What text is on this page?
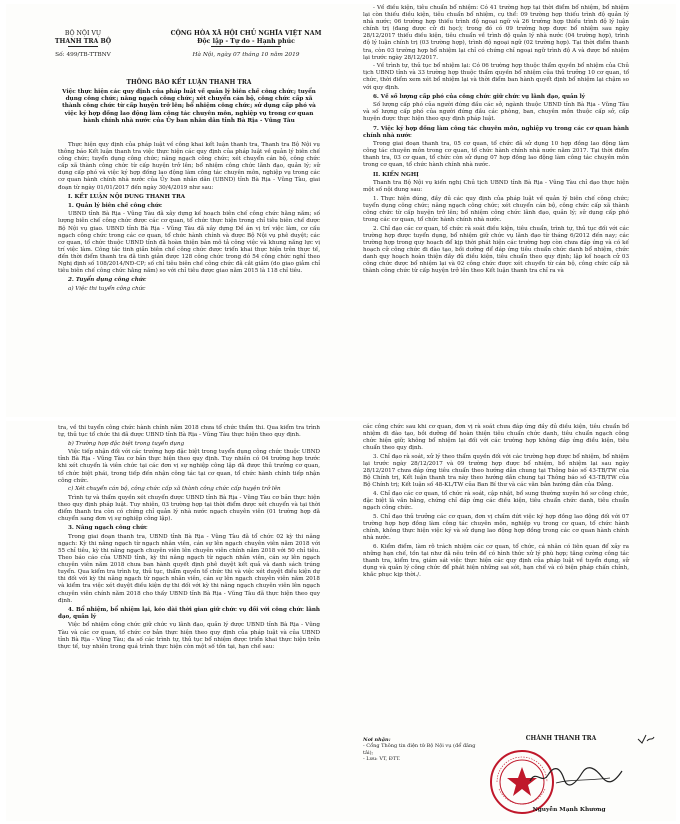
BỘ NỘI VỤ
THANH TRA BỘ
Số: 499/TB-TTBNV
CỘNG HÒA XÃ HỘI CHỦ NGHĨA VIỆT NAM
Độc lập - Tự do - Hạnh phúc
Hà Nội, ngày 07 tháng 10 năm 2019
THÔNG BÁO KẾT LUẬN THANH TRA
Việc thực hiện các quy định của pháp luật về quản lý biên chế công chức; tuyển dụng công chức; nâng ngạch công chức; xét chuyển cán bộ, công chức cấp xã thành công chức từ cấp huyện trở lên; bổ nhiệm công chức; sử dụng cấp phó và việc ký hợp đồng lao động làm công tác chuyên môn, nghiệp vụ trong cơ quan hành chính nhà nước của Ủy ban nhân dân tỉnh Bà Rịa - Vũng Tàu

Thực hiện quy định của pháp luật về công khai kết luận thanh tra, Thanh tra Bộ Nội vụ thông báo Kết luận thanh tra việc thực hiện các quy định của pháp luật về quản lý biên chế công chức; tuyển dụng công chức; nâng ngạch công chức; xét chuyển cán bộ, công chức cấp xã thành công chức từ cấp huyện trở lên; bổ nhiệm công chức lãnh đạo, quản lý; sử dụng cấp phó và việc ký hợp đồng lao động làm công tác chuyên môn, nghiệp vụ trong các cơ quan hành chính nhà nước của Ủy ban nhân dân (UBND) tỉnh Bà Rịa - Vũng Tàu, giai đoạn từ ngày 01/01/2017 đến ngày 30/4/2019 như sau:

I. KẾT LUẬN NỘI DUNG THANH TRA

1. Quản lý biên chế công chức

UBND tỉnh Bà Rịa - Vũng Tàu đã xây dựng kế hoạch biên chế công chức hằng năm; số lượng biên chế công chức được các cơ quan, tổ chức thực hiện trong chỉ tiêu biên chế được Bộ Nội vụ giao. UBND tỉnh Bà Rịa - Vũng Tàu đã xây dựng Đề án vị trí việc làm, cơ cấu ngạch công chức trong các cơ quan, tổ chức hành chính và được Bộ Nội vụ phê duyệt; các cơ quan, tổ chức thuộc UBND tỉnh đã hoàn thiện bản mô tả công việc và khung năng lực vị trí việc làm. Công tác tinh giản biên chế công chức được triển khai thực hiện trên thực tế, đến thời điểm thanh tra đã tinh giản được 128 công chức trong đó 54 công chức nghỉ theo Nghị định số 108/2014/NĐ-CP; số chỉ tiêu biên chế công chức đã cắt giảm (do giao giảm chỉ tiêu biên chế công chức hằng năm) so với chỉ tiêu được giao năm 2015 là 118 chỉ tiêu.

2. Tuyển dụng công chức

a) Việc thi tuyển công chức

- Về điều kiện, tiêu chuẩn bổ nhiệm: Có 41 trường hợp tại thời điểm bổ nhiệm, bổ nhiệm lại còn thiếu điều kiện, tiêu chuẩn bổ nhiệm, cụ thể: 09 trường hợp thiếu trình độ quản lý nhà nước; 06 trường hợp thiếu trình độ ngoại ngữ và 26 trường hợp thiếu trình độ lý luận chính trị (đang được cử đi học); trong đó có 09 trường hợp được bổ nhiệm sau ngày 28/12/2017 thiếu điều kiện, tiêu chuẩn về trình độ quản lý nhà nước (04 trường hợp), trình độ lý luận chính trị (03 trường hợp), trình độ ngoại ngữ (02 trường hợp). Tại thời điểm thanh tra, còn 03 trường hợp bổ nhiệm lại chỉ có chứng chỉ ngoại ngữ trình độ A và được bổ nhiệm lại trước ngày 28/12/2017.

- Về trình tự, thủ tục bổ nhiệm lại: Có 06 trường hợp thuộc thẩm quyền bổ nhiệm của Chủ tịch UBND tỉnh và 33 trường hợp thuộc thẩm quyền bổ nhiệm của thủ trưởng 10 cơ quan, tổ chức, thời điểm xem xét bổ nhiệm lại và thời điểm ban hành quyết định bổ nhiệm lại chậm so với quy định.

6. Về số lượng cấp phó của công chức giữ chức vụ lãnh đạo, quản lý

Số lượng cấp phó của người đứng đầu các sở, ngành thuộc UBND tỉnh Bà Rịa - Vũng Tàu và số lượng cấp phó của người đứng đầu các phòng, ban, chuyên môn thuộc cấp sở, cấp huyện được thực hiện theo quy định pháp luật.

7. Việc ký hợp đồng làm công tác chuyên môn, nghiệp vụ trong các cơ quan hành chính nhà nước

Trong giai đoạn thanh tra, 05 cơ quan, tổ chức đã sử dụng 10 hợp đồng lao động làm công tác chuyên môn trong cơ quan, tổ chức hành chính nhà nước năm 2017. Tại thời điểm thanh tra, 03 cơ quan, tổ chức còn sử dụng 07 hợp đồng lao động làm công tác chuyên môn trong cơ quan, tổ chức hành chính nhà nước.

II. KIẾN NGHỊ

Thanh tra Bộ Nội vụ kiến nghị Chủ tịch UBND tỉnh Bà Rịa - Vũng Tàu chỉ đạo thực hiện một số nội dung sau:

1. Thực hiện đúng, đầy đủ các quy định của pháp luật về quản lý biên chế công chức; tuyển dụng công chức; nâng ngạch công chức; xét chuyển cán bộ, công chức cấp xã thành công chức từ cấp huyện trở lên; bổ nhiệm công chức lãnh đạo, quản lý; sử dụng cấp phó trong các cơ quan, tổ chức hành chính nhà nước.

2. Chỉ đạo các cơ quan, tổ chức rà soát điều kiện, tiêu chuẩn, trình tự, thủ tục đối với các trường hợp được tuyển dụng, bổ nhiệm giữ chức vụ lãnh đạo từ tháng 6/2012 đến nay; các trường hợp trong quy hoạch để kịp thời phát hiện các trường hợp còn chưa đáp ứng và có kế hoạch cử công chức đi đào tạo, bồi dưỡng để đáp ứng tiêu chuẩn chức danh bổ nhiệm, chức danh quy hoạch hoàn thiện đầy đủ điều kiện, tiêu chuẩn theo quy định; lập kế hoạch cử 03 công chức được bổ nhiệm lại và 02 công chức được xét chuyển từ cán bộ, công chức cấp xã thành công chức từ cấp huyện trở lên theo Kết luận thanh tra chỉ ra và

tra, về thi tuyển công chức hành chính năm 2018 chưa tổ chức thẩm thi. Qua kiểm tra trình tự, thủ tục tổ chức thi đã được UBND tỉnh Bà Rịa - Vũng Tàu thực hiện theo quy định.

b) Trường hợp đặc biệt trong tuyển dụng

Việc tiếp nhận đối với các trường hợp đặc biệt trong tuyển dụng công chức thuộc UBND tỉnh Bà Rịa - Vũng Tàu cơ bản thực hiện theo quy định. Tuy nhiên có 04 trường hợp trước khi xét chuyển là viên chức tại các đơn vị sự nghiệp công lập đã được thủ trưởng cơ quan, tổ chức biệt phái, trong tiếp đến nhận công tác tại cơ quan, tổ chức hành chính tiếp nhận công chức.

c) Xét chuyển cán bộ, công chức cấp xã thành công chức cấp huyện trở lên

Trình tự và thẩm quyền xét chuyển được UBND tỉnh Bà Rịa - Vũng Tàu cơ bản thực hiện theo quy định pháp luật. Tuy nhiên, 03 trường hợp tại thời điểm được xét chuyển và tại thời điểm thanh tra còn có chứng chỉ quản lý nhà nước ngạch chuyên viên (01 trường hợp đã chuyển sang đơn vị sự nghiệp công lập).

3. Nâng ngạch công chức

Trong giai đoạn thanh tra, UBND tỉnh Bà Rịa - Vũng Tàu đã tổ chức 02 kỳ thi nâng ngạch: Kỳ thi nâng ngạch từ ngạch nhân viên, cán sự lên ngạch chuyên viên năm 2018 với 55 chỉ tiêu, kỳ thi nâng ngạch chuyên viên lên chuyên viên chính năm 2018 với 50 chỉ tiêu. Theo báo cáo của UBND tỉnh, kỳ thi nâng ngạch từ ngạch nhân viên, cán sự lên ngạch chuyên viên năm 2018 chưa ban hành quyết định phê duyệt kết quả và danh sách trúng tuyển. Qua kiểm tra trình tự, thủ tục, thẩm quyền tổ chức thi và việc xét duyệt điều kiện dự thi đối với kỳ thi nâng ngạch từ ngạch nhân viên, cán sự lên ngạch chuyên viên năm 2018 và kiểm tra việc xét duyệt điều kiện dự thi đối với kỳ thi nâng ngạch chuyên viên lên ngạch chuyên viên chính năm 2018 cho thấy UBND tỉnh Bà Rịa - Vũng Tàu đã thực hiện theo quy định.

4. Bổ nhiệm, bổ nhiệm lại, kéo dài thời gian giữ chức vụ đối với công chức lãnh đạo, quản lý

Việc bổ nhiệm công chức giữ chức vụ lãnh đạo, quản lý được UBND tỉnh Bà Rịa - Vũng Tàu và các cơ quan, tổ chức cơ bản thực hiện theo quy định của pháp luật và của UBND tỉnh Bà Rịa - Vũng Tàu; đa số các trình tự, thủ tục bổ nhiệm được triển khai thực hiện trên thực tế, tuy nhiên trong quá trình thực hiện còn một số tồn tại, hạn chế sau:

các công chức sau khi cơ quan, đơn vị rà soát chưa đáp ứng đầy đủ điều kiện, tiêu chuẩn bổ nhiệm đi đào tạo, bồi dưỡng để hoàn thiện tiêu chuẩn chức danh, tiêu chuẩn ngạch công chức hiện giữ; không bổ nhiệm lại đối với các trường hợp không đáp ứng điều kiện, tiêu chuẩn theo quy định.

3. Chỉ đạo rà soát, xử lý theo thẩm quyền đối với các trường hợp được bổ nhiệm, bổ nhiệm lại trước ngày 28/12/2017 và 09 trường hợp được bổ nhiệm, bổ nhiệm lại sau ngày 28/12/2017 chưa đáp ứng tiêu chuẩn theo hướng dẫn chung tại Thông báo số 43-TB/TW của Bộ Chính trị, Kết luận thanh tra này theo hướng dẫn chung tại Thông báo số 43-TB/TW của Bộ Chính trị; Kết luận số 48-KL/TW của Ban Bí thư và các văn bản hướng dẫn của Đảng.

4. Chỉ đạo các cơ quan, tổ chức rà soát, cập nhật, bổ sung thường xuyên hồ sơ công chức, đặc biệt là văn bằng, chứng chỉ đáp ứng các điều kiện, tiêu chuẩn chức danh, tiêu chuẩn ngạch công chức.

5. Chỉ đạo thủ trưởng các cơ quan, đơn vị chấm dứt việc ký hợp đồng lao động đối với 07 trường hợp hợp đồng làm công tác chuyên môn, nghiệp vụ trong cơ quan, tổ chức hành chính, không thực hiện việc ký và sử dụng lao động hợp đồng trong các cơ quan hành chính nhà nước.

6. Kiểm điểm, làm rõ trách nhiệm các cơ quan, tổ chức, cá nhân có liên quan để xảy ra những hạn chế, tồn tại như đã nêu trên để có hình thức xử lý phù hợp; tăng cường công tác thanh tra, kiểm tra, giám sát việc thực hiện các quy định của pháp luật về tuyển dụng, sử dụng và quản lý công chức để phát hiện những sai sót, hạn chế và có biện pháp chấn chỉnh, khắc phục kịp thời./.

Nơi nhận:
- Cổng Thông tin điện tử Bộ Nội vụ (để đăng tải);
- Lưu: VT, ĐTT.
CHÁNH THANH TRA
Nguyễn Mạnh Khương
